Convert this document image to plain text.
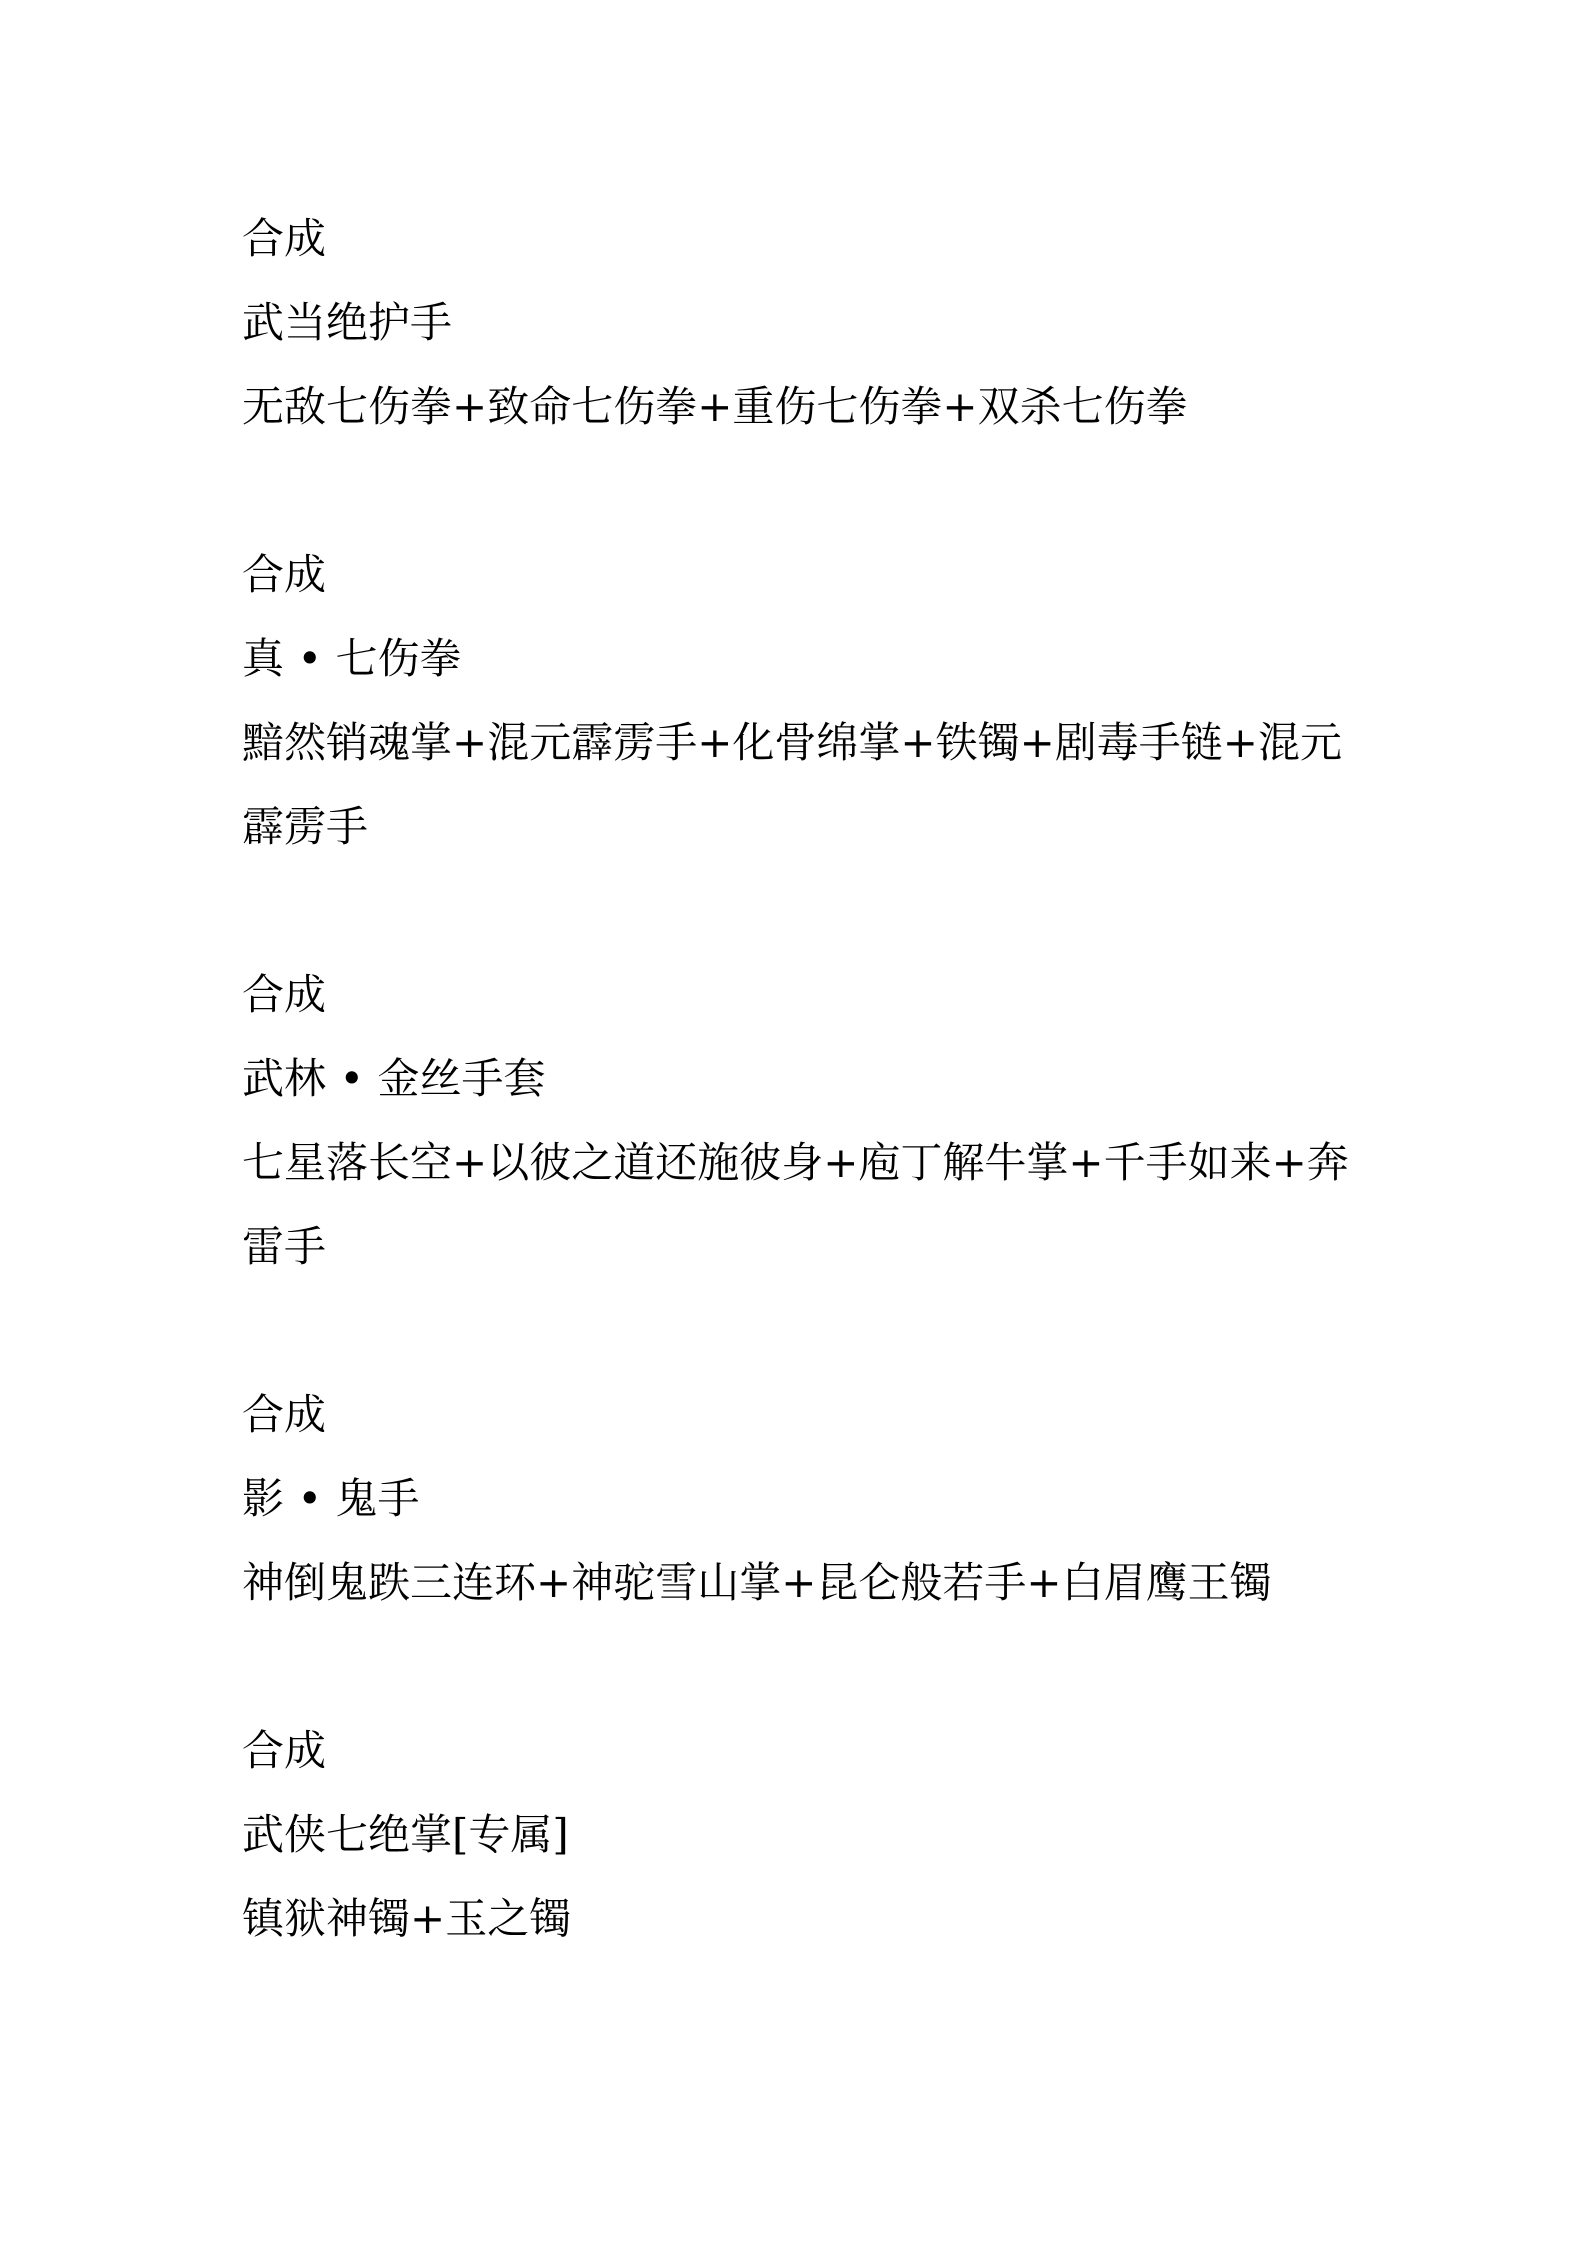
合成

武当绝护手

无敌七伤拳+致命七伤拳+重伤七伤拳+双杀七伤拳

合成

真 • 七伤拳

黯然销魂掌+混元霹雳手+化骨绵掌+铁镯+剧毒手链+混元霹雳手

合成

武林 • 金丝手套

七星落长空+以彼之道还施彼身+庖丁解牛掌+千手如来+奔雷手

合成

影 • 鬼手

神倒鬼跌三连环+神驼雪山掌+昆仑般若手+白眉鹰王镯

合成

武侠七绝掌[专属]

镇狱神镯+玉之镯
